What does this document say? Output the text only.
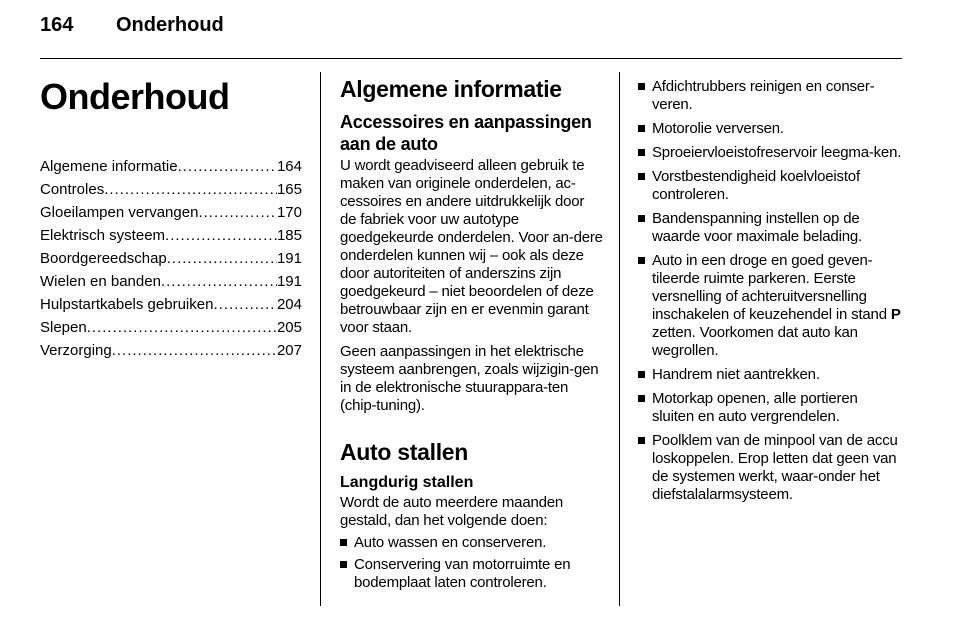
164 Onderhoud
Onderhoud
Algemene informatie .....	164
Controles .....	165
Gloeilampen vervangen .....	170
Elektrisch systeem .....	185
Boordgereedschap .....	191
Wielen en banden .....	191
Hulpstartkabels gebruiken .....	204
Slepen .....	205
Verzorging .....	207
Algemene informatie
Accessoires en aanpassingen aan de auto

U wordt geadviseerd alleen gebruik te maken van originele onderdelen, ac-cessoires en andere uitdrukkelijk door de fabriek voor uw autotype goedgekeurde onderdelen. Voor an-dere onderdelen kunnen wij – ook als deze door autoriteiten of anderszins zijn goedgekeurd – niet beoordelen of deze betrouwbaar zijn en er evenmin garant voor staan.

Geen aanpassingen in het elektrische systeem aanbrengen, zoals wijzigin-gen in de elektronische stuurappara-ten (chip-tuning).

Auto stallen
Langdurig stallen

Wordt de auto meerdere maanden gestald, dan het volgende doen:

Auto wassen en conserveren.
Conservering van motorruimte en bodemplaat laten controleren.
Afdichtrubbers reinigen en conser-veren.
Motorolie verversen.
Sproeiervloeistofreservoir leegma-ken.
Vorstbestendigheid koelvloeistof controleren.
Bandenspanning instellen op de waarde voor maximale belading.
Auto in een droge en goed geven-tileerde ruimte parkeren. Eerste versnelling of achteruitversnelling inschakelen of keuzehendel in stand P zetten. Voorkomen dat auto kan wegrollen.
Handrem niet aantrekken.
Motorkap openen, alle portieren sluiten en auto vergrendelen.
Poolklem van de minpool van de accu loskoppelen. Erop letten dat geen van de systemen werkt, waar-onder het diefstalalarmsysteem.
